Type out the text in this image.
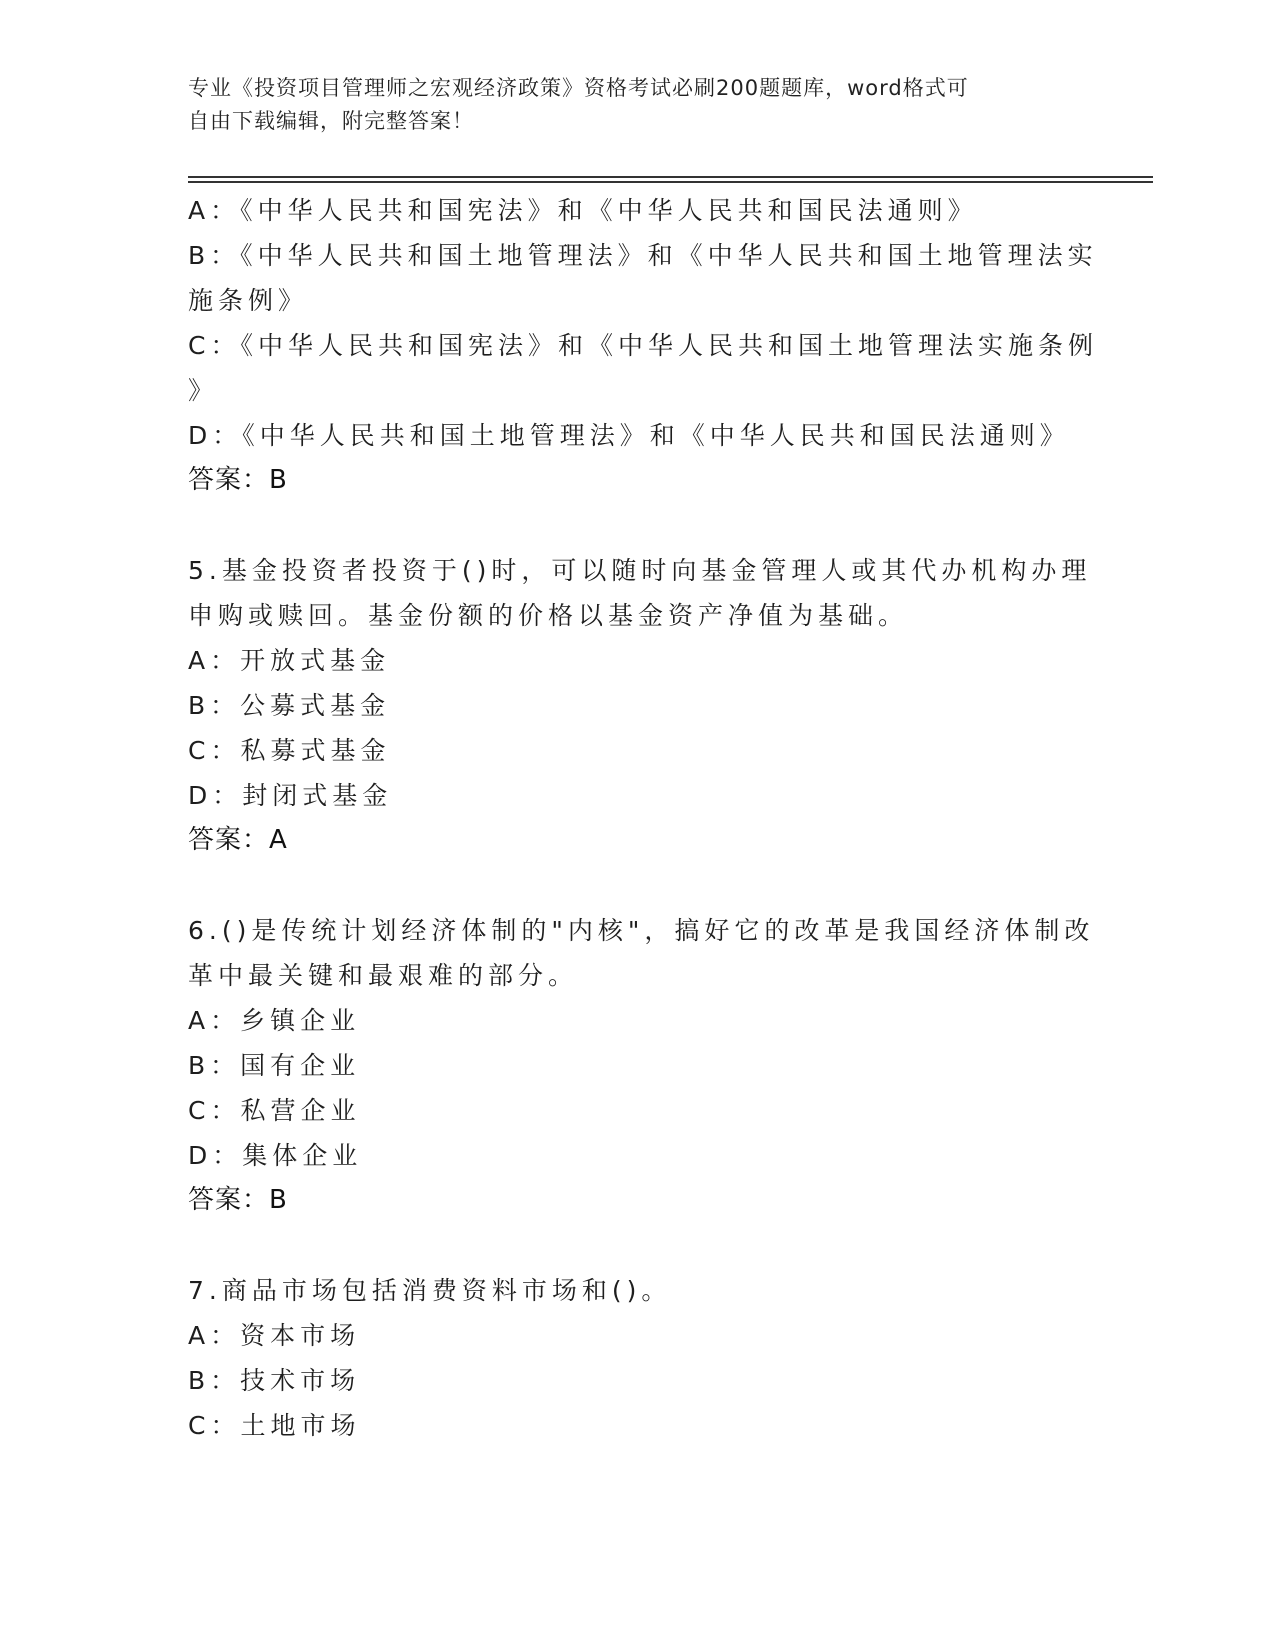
专业《投资项目管理师之宏观经济政策》资格考试必刷200题题库，word格式可
自由下载编辑，附完整答案！
A：《中华人民共和国宪法》和《中华人民共和国民法通则》
B：《中华人民共和国土地管理法》和《中华人民共和国土地管理法实
施条例》
C：《中华人民共和国宪法》和《中华人民共和国土地管理法实施条例
》
D：《中华人民共和国土地管理法》和《中华人民共和国民法通则》
答案：B
5.基金投资者投资于()时，可以随时向基金管理人或其代办机构办理
申购或赎回。基金份额的价格以基金资产净值为基础。
A：开放式基金
B：公募式基金
C：私募式基金
D：封闭式基金
答案：A
6.()是传统计划经济体制的"内核"，搞好它的改革是我国经济体制改
革中最关键和最艰难的部分。
A：乡镇企业
B：国有企业
C：私营企业
D：集体企业
答案：B
7.商品市场包括消费资料市场和()。
A：资本市场
B：技术市场
C：土地市场
